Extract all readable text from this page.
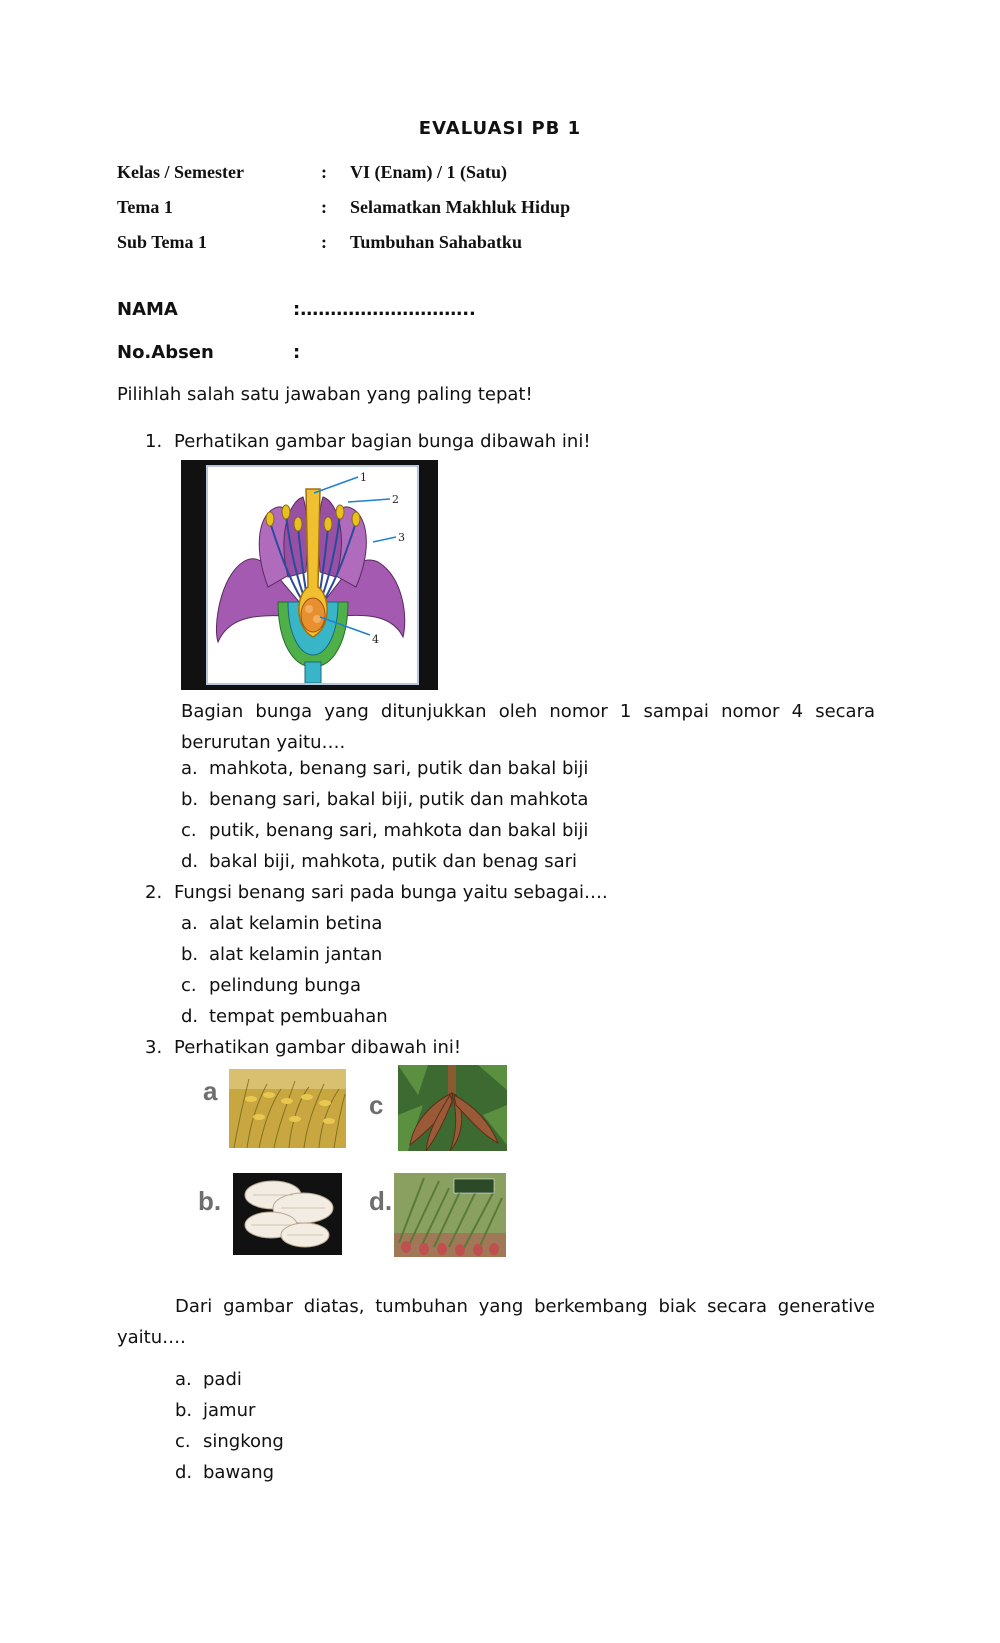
EVALUASI PB 1
Kelas / Semester	: VI (Enam) / 1 (Satu)
Tema 1	: Selamatkan Makhluk Hidup
Sub Tema 1	: Tumbuhan Sahabatku
NAMA	:………………………..
No.Absen	:
Pilihlah salah satu jawaban yang paling tepat!
1. Perhatikan gambar bagian bunga dibawah ini!
1
2
3
4
Bagian bunga yang ditunjukkan oleh nomor 1 sampai nomor 4 secara
berurutan yaitu….
a. mahkota, benang sari, putik dan bakal biji
b. benang sari, bakal biji, putik dan mahkota
c. putik, benang sari, mahkota dan bakal biji
d. bakal biji, mahkota, putik dan benag sari
2. Fungsi benang sari pada bunga yaitu sebagai….
a. alat kelamin betina
b. alat kelamin jantan
c. pelindung bunga
d. tempat pembuahan
3. Perhatikan gambar dibawah ini!
a	c
b.	d.
Dari gambar diatas, tumbuhan yang berkembang biak secara generative
yaitu….
a. padi
b. jamur
c. singkong
d. bawang
